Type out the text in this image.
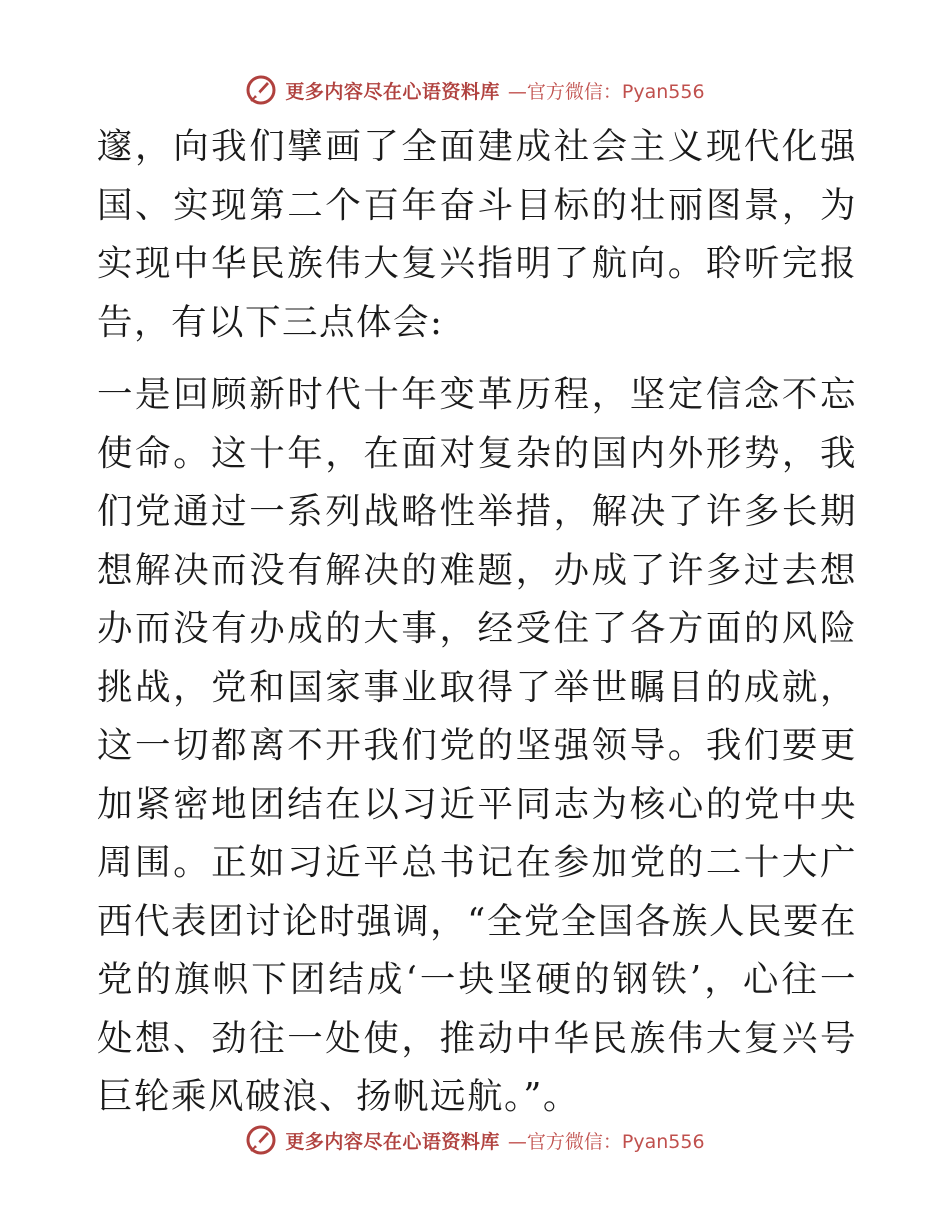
更多内容尽在心语资料库 —官方微信：Pyan556

邃，向我们擘画了全面建成社会主义现代化强国、实现第二个百年奋斗目标的壮丽图景，为实现中华民族伟大复兴指明了航向。聆听完报告，有以下三点体会:

一是回顾新时代十年变革历程，坚定信念不忘使命。这十年，在面对复杂的国内外形势，我们党通过一系列战略性举措，解决了许多长期想解决而没有解决的难题，办成了许多过去想办而没有办成的大事，经受住了各方面的风险挑战，党和国家事业取得了举世瞩目的成就，这一切都离不开我们党的坚强领导。我们要更加紧密地团结在以习近平同志为核心的党中央周围。正如习近平总书记在参加党的二十大广西代表团讨论时强调，“全党全国各族人民要在党的旗帜下团结成‘一块坚硬的钢铁’，心往一处想、劲往一处使，推动中华民族伟大复兴号巨轮乘风破浪、扬帆远航。”。

更多内容尽在心语资料库 —官方微信：Pyan556
